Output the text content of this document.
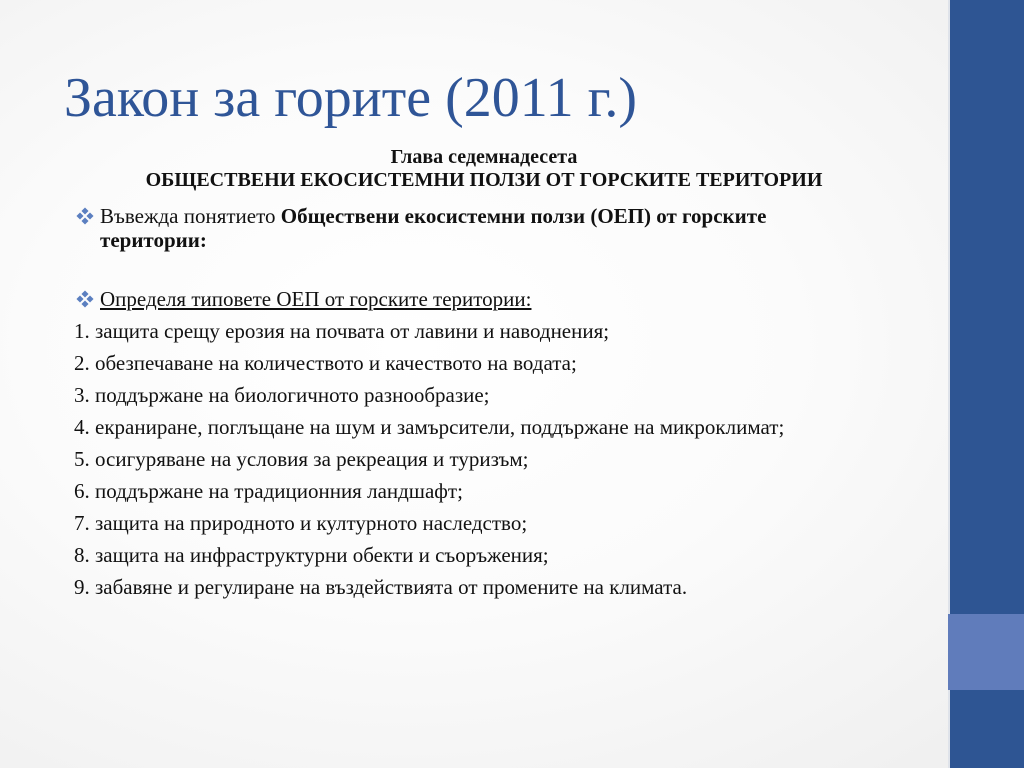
Закон за горите (2011 г.)
Глава седемнадесета
ОБЩЕСТВЕНИ ЕКОСИСТЕМНИ ПОЛЗИ ОТ ГОРСКИТЕ ТЕРИТОРИИ
Въвежда понятието Обществени екосистемни ползи (ОЕП) от горските територии:
Определя типовете ОЕП от горските територии:
1. защита срещу ерозия на почвата от лавини и наводнения;
2. обезпечаване на количеството и качеството на водата;
3. поддържане на биологичното разнообразие;
4. екраниране, поглъщане на шум и замърсители, поддържане на микроклимат;
5. осигуряване на условия за рекреация и туризъм;
6. поддържане на традиционния ландшафт;
7. защита на природното и културното наследство;
8. защита на инфраструктурни обекти и съоръжения;
9. забавяне и регулиране на въздействията от промените на климата.
